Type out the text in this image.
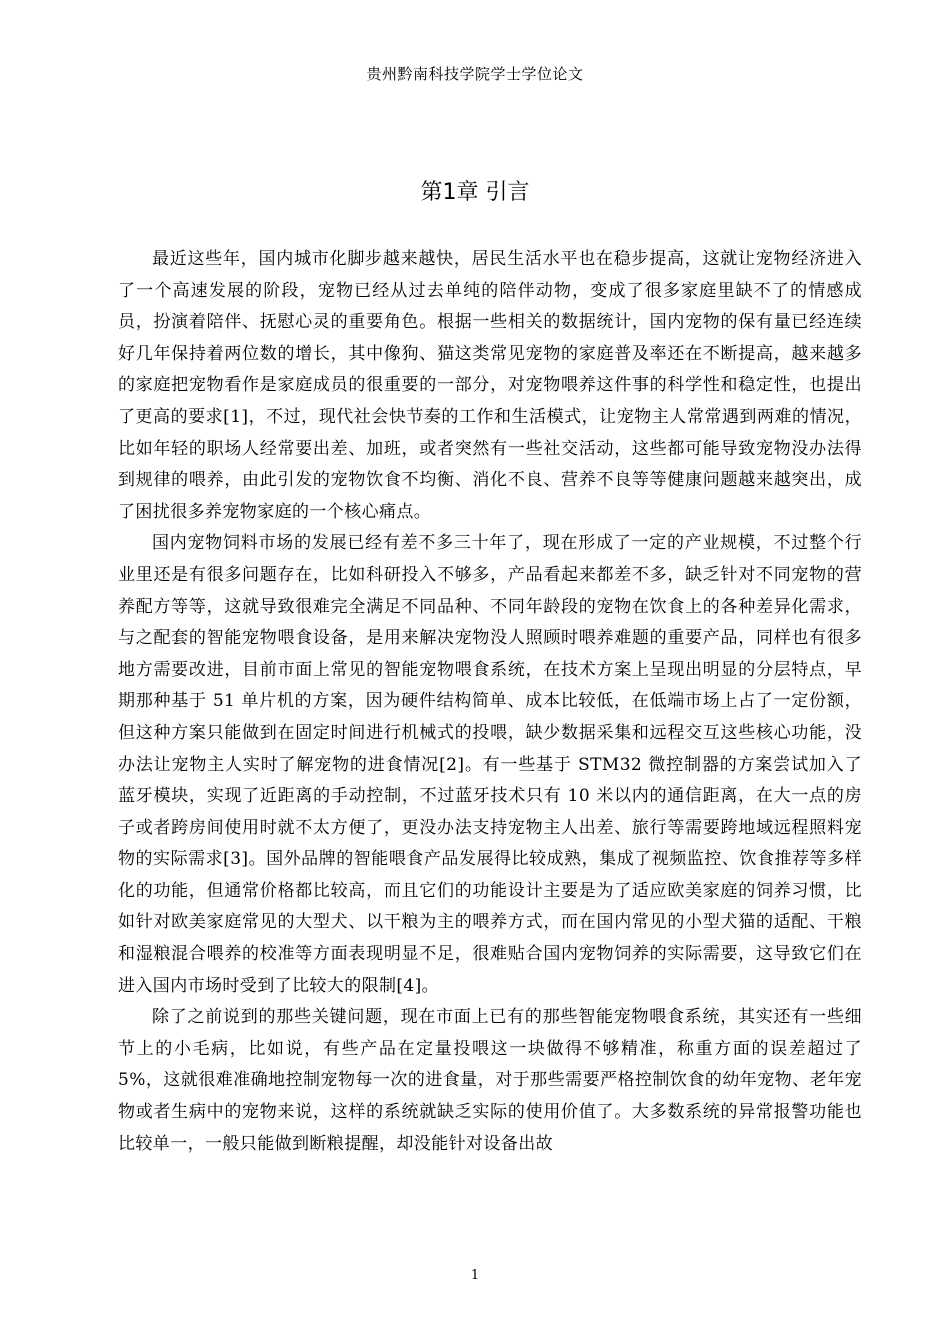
贵州黔南科技学院学士学位论文
第1章 引言

最近这些年，国内城市化脚步越来越快，居民生活水平也在稳步提高，这就让宠物经济进入了一个高速发展的阶段，宠物已经从过去单纯的陪伴动物，变成了很多家庭里缺不了的情感成员，扮演着陪伴、抚慰心灵的重要角色。根据一些相关的数据统计，国内宠物的保有量已经连续好几年保持着两位数的增长，其中像狗、猫这类常见宠物的家庭普及率还在不断提高，越来越多的家庭把宠物看作是家庭成员的很重要的一部分，对宠物喂养这件事的科学性和稳定性，也提出了更高的要求[1]，不过，现代社会快节奏的工作和生活模式，让宠物主人常常遇到两难的情况，比如年轻的职场人经常要出差、加班，或者突然有一些社交活动，这些都可能导致宠物没办法得到规律的喂养，由此引发的宠物饮食不均衡、消化不良、营养不良等等健康问题越来越突出，成了困扰很多养宠物家庭的一个核心痛点。

国内宠物饲料市场的发展已经有差不多三十年了，现在形成了一定的产业规模，不过整个行业里还是有很多问题存在，比如科研投入不够多，产品看起来都差不多，缺乏针对不同宠物的营养配方等等，这就导致很难完全满足不同品种、不同年龄段的宠物在饮食上的各种差异化需求，与之配套的智能宠物喂食设备，是用来解决宠物没人照顾时喂养难题的重要产品，同样也有很多地方需要改进，目前市面上常见的智能宠物喂食系统，在技术方案上呈现出明显的分层特点，早期那种基于 51 单片机的方案，因为硬件结构简单、成本比较低，在低端市场上占了一定份额，但这种方案只能做到在固定时间进行机械式的投喂，缺少数据采集和远程交互这些核心功能，没办法让宠物主人实时了解宠物的进食情况[2]。有一些基于 STM32 微控制器的方案尝试加入了蓝牙模块，实现了近距离的手动控制，不过蓝牙技术只有 10 米以内的通信距离，在大一点的房子或者跨房间使用时就不太方便了，更没办法支持宠物主人出差、旅行等需要跨地域远程照料宠物的实际需求[3]。国外品牌的智能喂食产品发展得比较成熟，集成了视频监控、饮食推荐等多样化的功能，但通常价格都比较高，而且它们的功能设计主要是为了适应欧美家庭的饲养习惯，比如针对欧美家庭常见的大型犬、以干粮为主的喂养方式，而在国内常见的小型犬猫的适配、干粮和湿粮混合喂养的校准等方面表现明显不足，很难贴合国内宠物饲养的实际需要，这导致它们在进入国内市场时受到了比较大的限制[4]。

除了之前说到的那些关键问题，现在市面上已有的那些智能宠物喂食系统，其实还有一些细节上的小毛病，比如说，有些产品在定量投喂这一块做得不够精准，称重方面的误差超过了 5%，这就很难准确地控制宠物每一次的进食量，对于那些需要严格控制饮食的幼年宠物、老年宠物或者生病中的宠物来说，这样的系统就缺乏实际的使用价值了。大多数系统的异常报警功能也比较单一，一般只能做到断粮提醒，却没能针对设备出故

1
